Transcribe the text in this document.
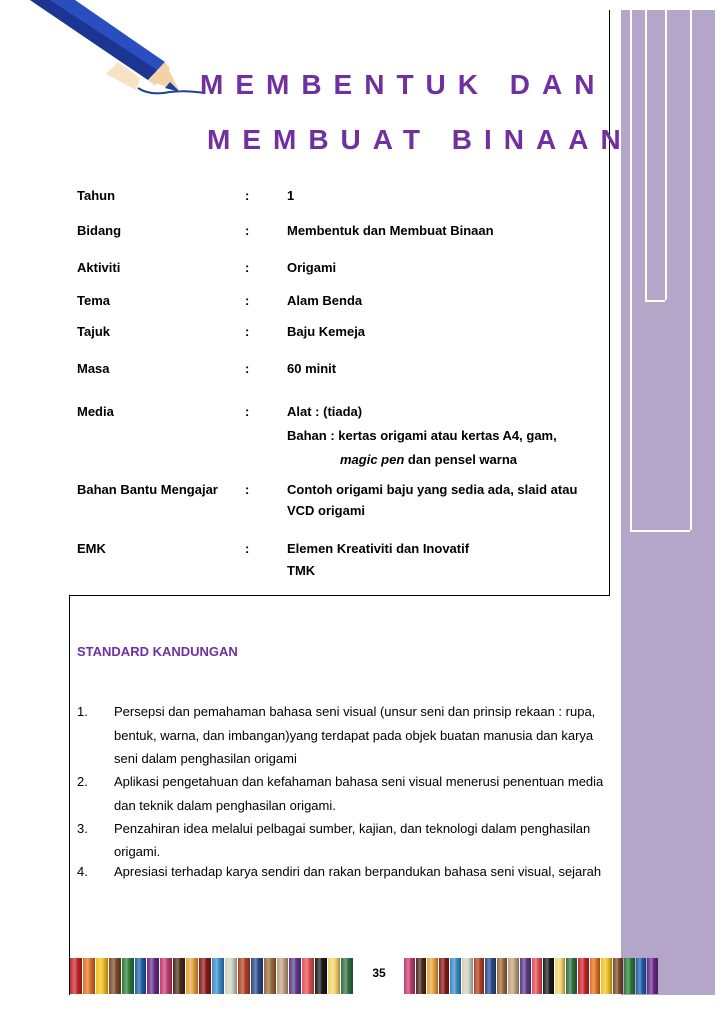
MEMBENTUK DAN
MEMBUAT BINAAN
Tahun	:	1
Bidang	:	Membentuk dan Membuat Binaan
Aktiviti	:	Origami
Tema	:	Alam Benda
Tajuk	:	Baju Kemeja
Masa	:	60 minit
Media	:	Alat : (tiada)
Bahan : kertas origami atau kertas A4, gam,
magic pen dan pensel warna
Bahan Bantu Mengajar :	Contoh origami baju yang sedia ada, slaid atau
VCD origami
EMK	:	Elemen Kreativiti dan Inovatif
TMK
STANDARD KANDUNGAN
1. Persepsi dan pemahaman bahasa seni visual (unsur seni dan prinsip rekaan : rupa,
bentuk, warna, dan imbangan)yang terdapat pada objek buatan manusia dan karya
seni dalam penghasilan origami
2. Aplikasi pengetahuan dan kefahaman bahasa seni visual menerusi penentuan media
dan teknik dalam penghasilan origami.
3. Penzahiran idea melalui pelbagai sumber, kajian, dan teknologi dalam penghasilan
origami.
4. Apresiasi terhadap karya sendiri dan rakan berpandukan bahasa seni visual, sejarah
35
